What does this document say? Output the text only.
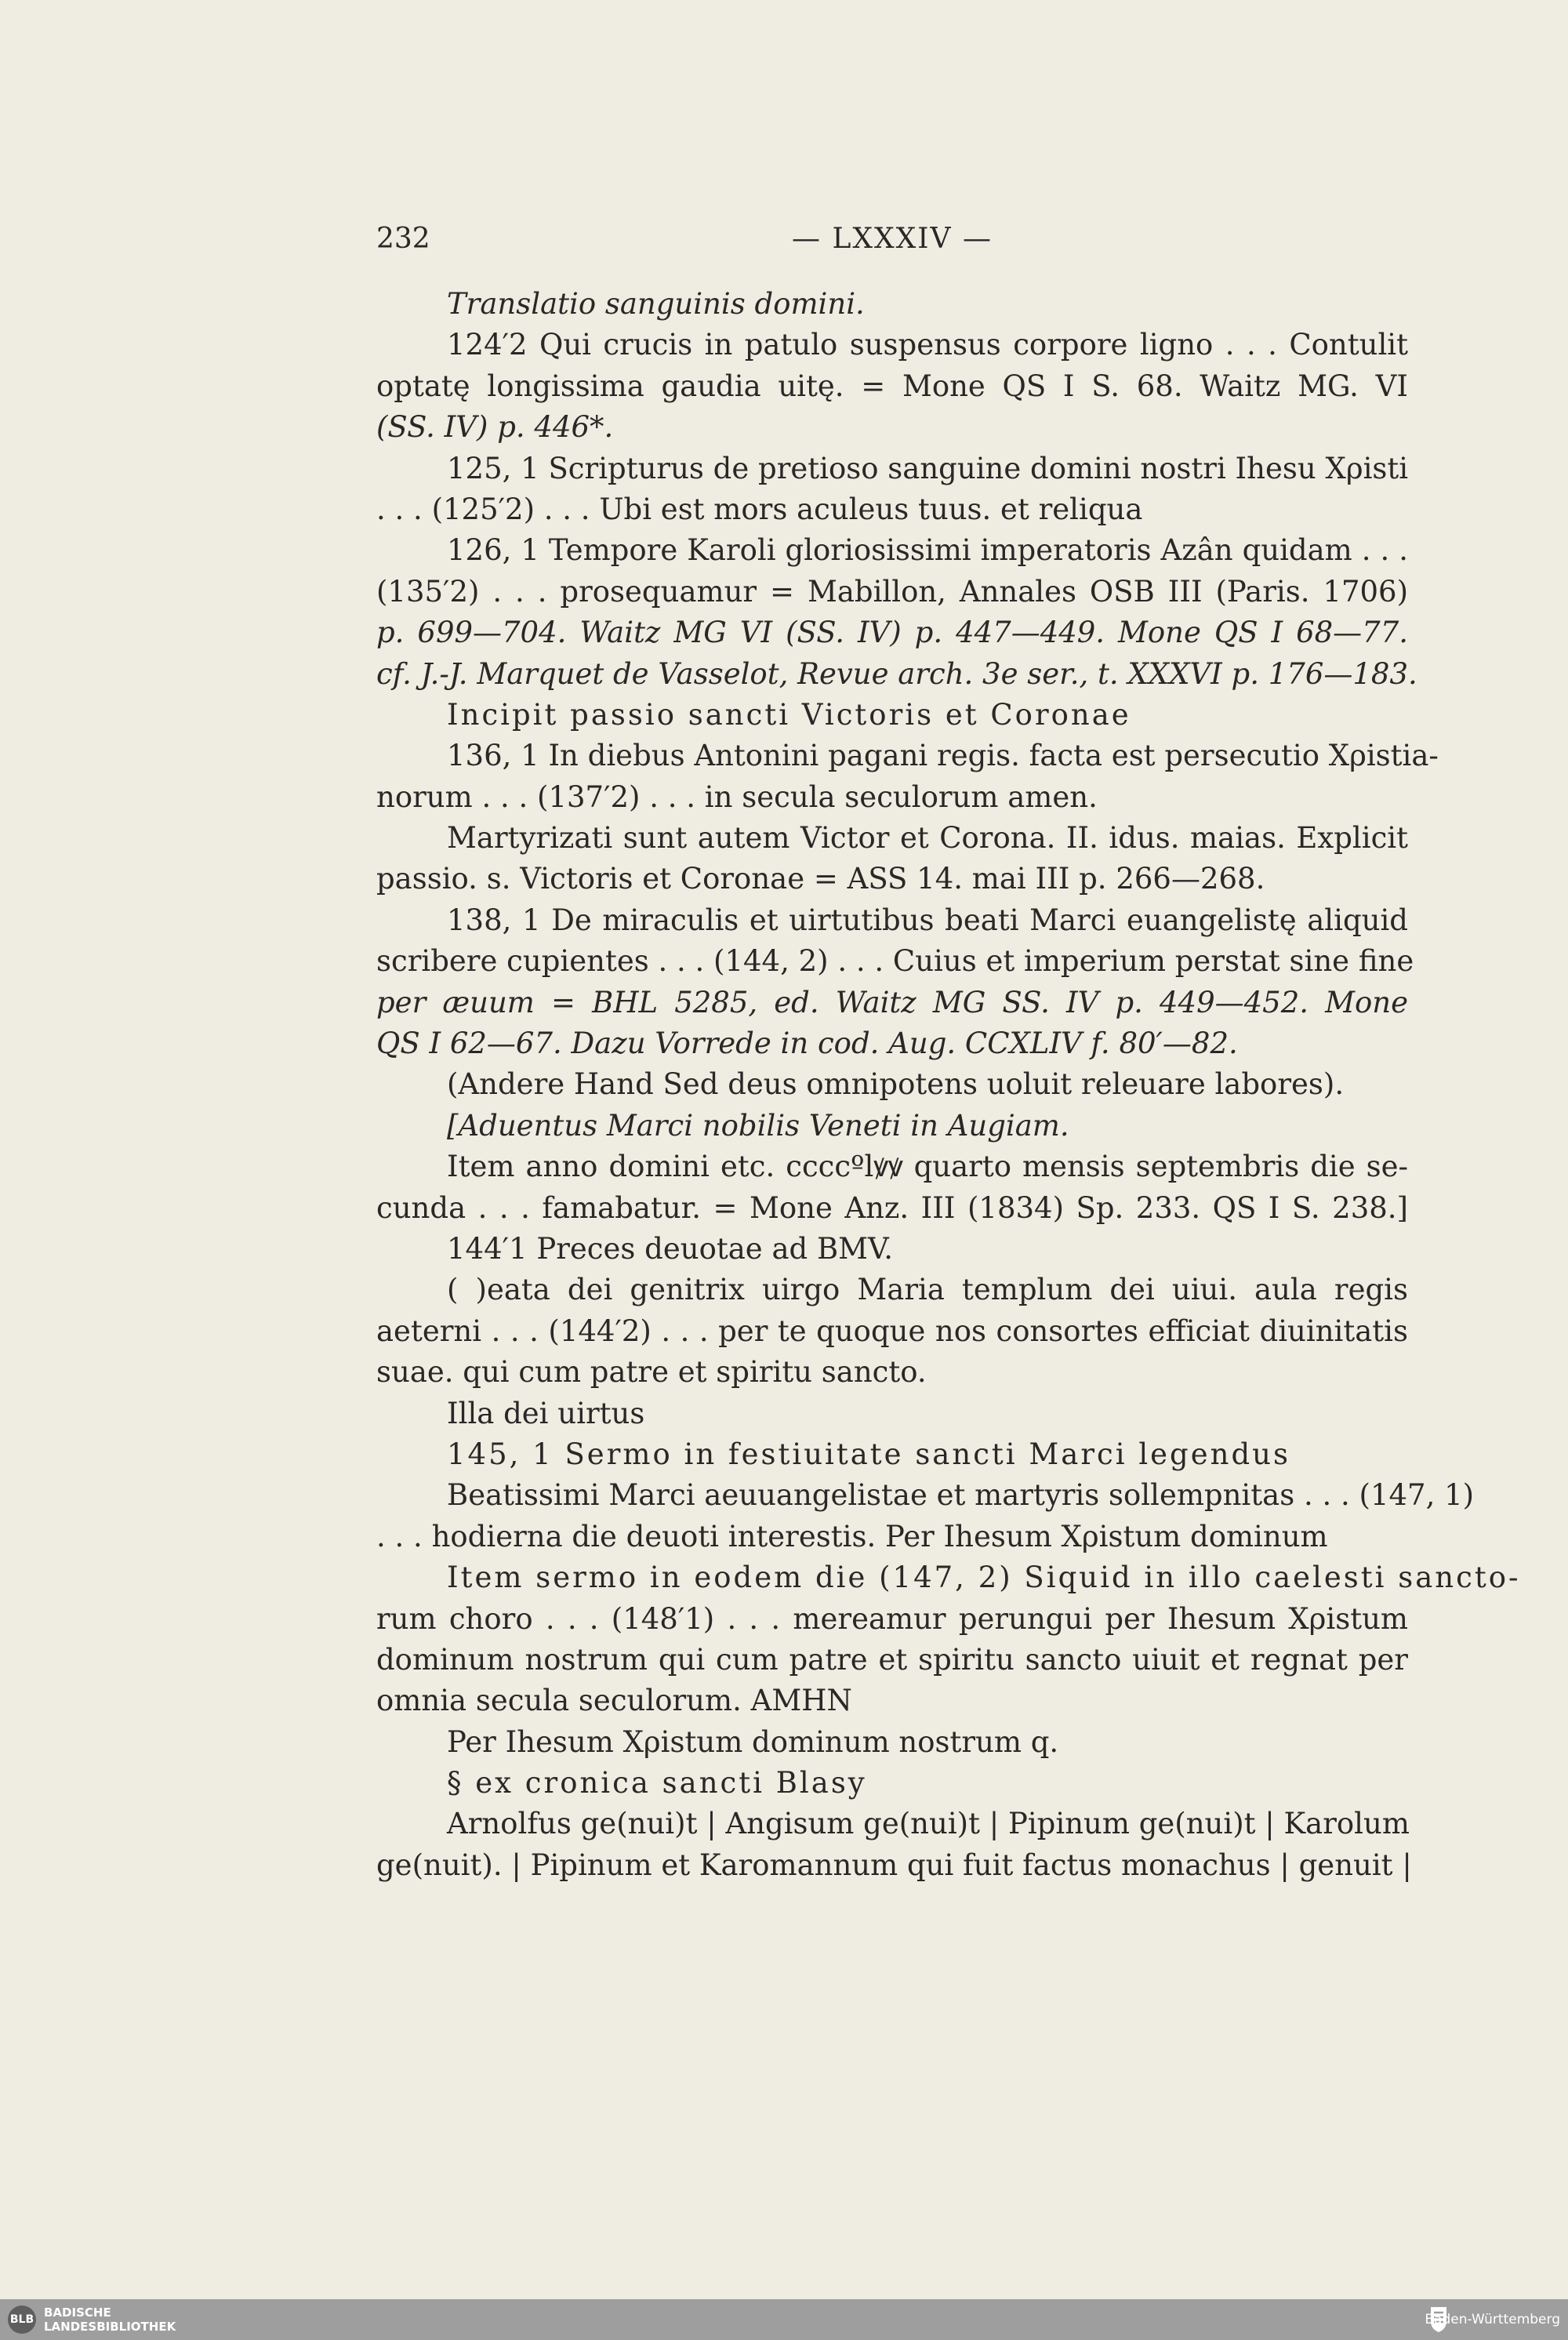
232	— LXXXIV —
Translatio sanguinis domini.
124′2 Qui crucis in patulo suspensus corpore ligno . . . Contulit
optatę longissima gaudia uitę. = Mone QS I S. 68. Waitz MG. VI
(SS. IV) p. 446*.
125, 1 Scripturus de pretioso sanguine domini nostri Ihesu Xρisti
. . . (125′2) . . . Ubi est mors aculeus tuus. et reliqua
126, 1 Tempore Karoli gloriosissimi imperatoris Azân quidam . . .
(135′2) . . . prosequamur = Mabillon, Annales OSB III (Paris. 1706)
p. 699—704. Waitz MG VI (SS. IV) p. 447—449. Mone QS I 68—77.
cf. J.-J. Marquet de Vasselot, Revue arch. 3e ser., t. XXXVI p. 176—183.
Incipit passio sancti Victoris et Coronae
136, 1 In diebus Antonini pagani regis. facta est persecutio Xρistia-
norum . . . (137′2) . . . in secula seculorum amen.
Martyrizati sunt autem Victor et Corona. II. idus. maias. Explicit
passio. s. Victoris et Coronae = ASS 14. mai III p. 266—268.
138, 1 De miraculis et uirtutibus beati Marci euangelistę aliquid
scribere cupientes . . . (144, 2) . . . Cuius et imperium perstat sine fine
per æuum = BHL 5285, ed. Waitz MG SS. IV p. 449—452. Mone
QS I 62—67. Dazu Vorrede in cod. Aug. CCXLIV f. 80′—82.
(Andere Hand Sed deus omnipotens uoluit releuare labores).
[Aduentus Marci nobilis Veneti in Augiam.
Item anno domini etc. ccccºlꝟꝟ quarto mensis septembris die se-
cunda . . . famabatur. = Mone Anz. III (1834) Sp. 233. QS I S. 238.]
144′1 Preces deuotae ad BMV.
( )eata dei genitrix uirgo Maria templum dei uiui. aula regis
aeterni . . . (144′2) . . . per te quoque nos consortes efficiat diuinitatis
suae. qui cum patre et spiritu sancto.
Illa dei uirtus
145, 1 Sermo in festiuitate sancti Marci legendus
Beatissimi Marci aeuuangelistae et martyris sollempnitas . . . (147, 1)
. . . hodierna die deuoti interestis. Per Ihesum Xρistum dominum
Item sermo in eodem die (147, 2) Siquid in illo caelesti sancto-
rum choro . . . (148′1) . . . mereamur perungui per Ihesum Xρistum
dominum nostrum qui cum patre et spiritu sancto uiuit et regnat per
omnia secula seculorum. AMHN
Per Ihesum Xρistum dominum nostrum q.
§ ex cronica sancti Blasy
Arnolfus ge(nui)t | Angisum ge(nui)t | Pipinum ge(nui)t | Karolum
ge(nuit). | Pipinum et Karomannum qui fuit factus monachus | genuit |
BLB BADISCHE
LANDESBIBLIOTHEK	Baden-Württemberg
